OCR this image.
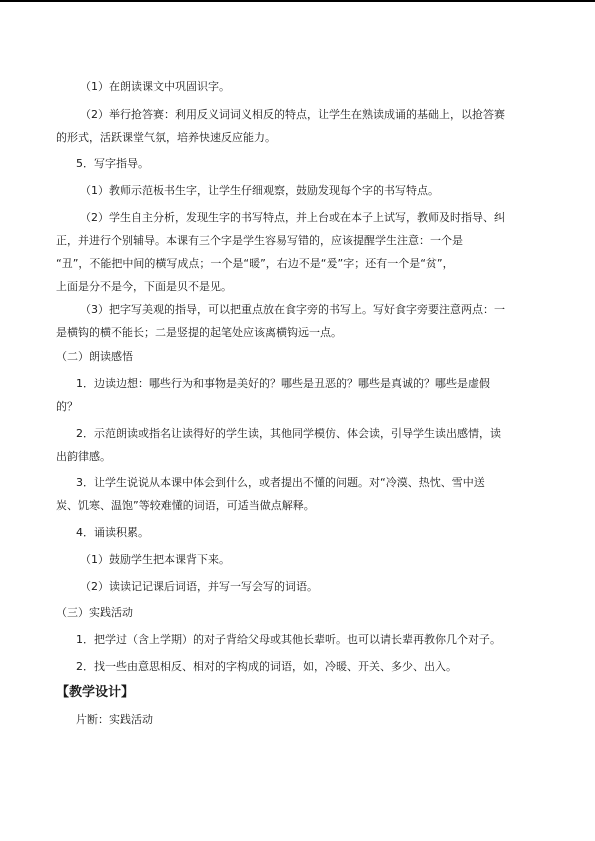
（1）在朗读课文中巩固识字。
（2）举行抢答赛：利用反义词词义相反的特点，让学生在熟读成诵的基础上，以抢答赛
的形式，活跃课堂气氛，培养快速反应能力。
5．写字指导。
（1）教师示范板书生字，让学生仔细观察，鼓励发现每个字的书写特点。
（2）学生自主分析，发现生字的书写特点，并上台或在本子上试写，教师及时指导、纠
正，并进行个别辅导。本课有三个字是学生容易写错的，应该提醒学生注意：一个是
“丑”，不能把中间的横写成点；一个是“暖”，右边不是“爰”字；还有一个是“贫”，
上面是分不是今，下面是贝不是见。
（3）把字写美观的指导，可以把重点放在食字旁的书写上。写好食字旁要注意两点：一
是横钩的横不能长；二是竖提的起笔处应该离横钩远一点。
（二）朗读感悟
1．边读边想：哪些行为和事物是美好的？哪些是丑恶的？哪些是真诚的？哪些是虚假
的？
2．示范朗读或指名让读得好的学生读，其他同学模仿、体会读，引导学生读出感情，读
出韵律感。
3．让学生说说从本课中体会到什么，或者提出不懂的问题。对“冷漠、热忱、雪中送
炭、饥寒、温饱”等较难懂的词语，可适当做点解释。
4．诵读积累。
（1）鼓励学生把本课背下来。
（2）读读记记课后词语，并写一写会写的词语。
（三）实践活动
1．把学过（含上学期）的对子背给父母或其他长辈听。也可以请长辈再教你几个对子。
2．找一些由意思相反、相对的字构成的词语，如，冷暖、开关、多少、出入。
【教学设计】
片断：实践活动
